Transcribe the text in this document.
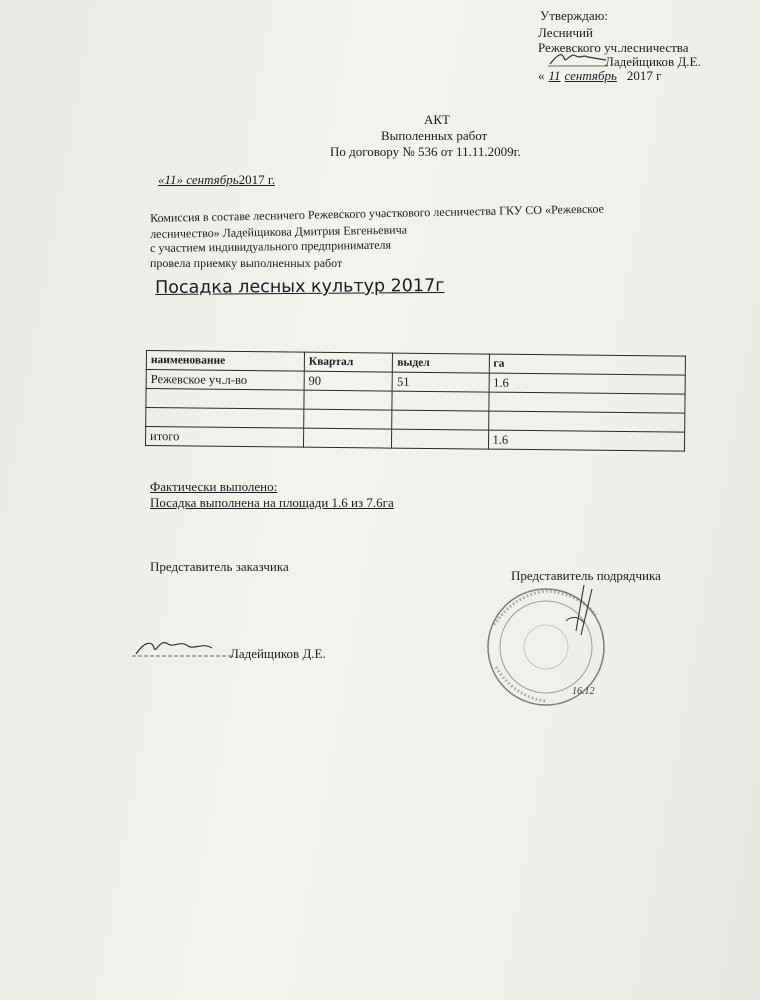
Утверждаю:
Лесничий
Режевского уч.лесничества
Ладейщиков Д.Е.
« 11 сентябрь 2017 г
АКТ
Выполенных работ
По договору № 536 от 11.11.2009г.
«11» сентябрь2017 г.
Комиссия в составе лесничего Режевского участкового лесничества ГКУ СО «Режевское
лесничество» Ладейщикова Дмитрия Евгеньевича
с участием индивидуального предпринимателя
провела приемку выполненных работ
Посадка лесных культур 2017г
наименование	Квартал	выдел	га
Режевское уч.л-во	90	51	1.6

итого			1.6
Фактически выполено:
Посадка выполнена на площади 1.6 из 7.6га
Представитель заказчика
Представитель подрядчика
Ладейщиков Д.Е.
16.12
